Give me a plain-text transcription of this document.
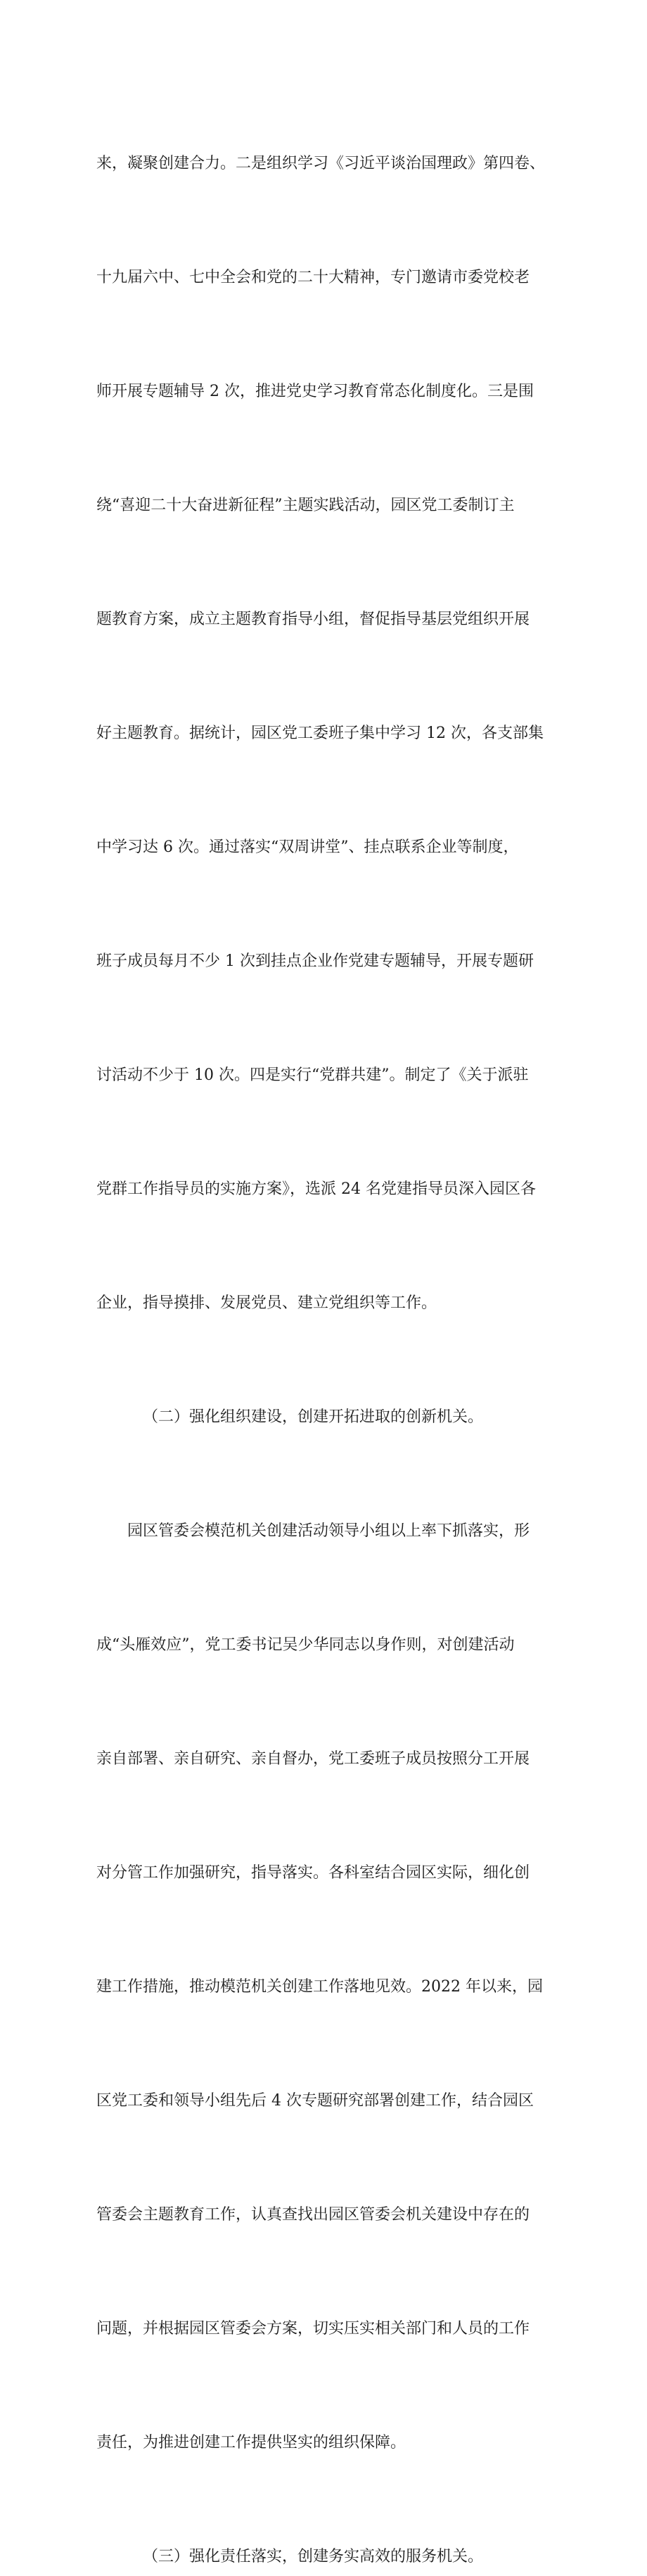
来，凝聚创建合力。二是组织学习《习近平谈治国理政》第四卷、

十九届六中、七中全会和党的二十大精神，专门邀请市委党校老

师开展专题辅导 2 次，推进党史学习教育常态化制度化。三是围

绕“喜迎二十大奋进新征程”主题实践活动，园区党工委制订主

题教育方案，成立主题教育指导小组，督促指导基层党组织开展

好主题教育。据统计，园区党工委班子集中学习 12 次，各支部集

中学习达 6 次。通过落实“双周讲堂”、挂点联系企业等制度，

班子成员每月不少 1 次到挂点企业作党建专题辅导，开展专题研

讨活动不少于 10 次。四是实行“党群共建”。制定了《关于派驻

党群工作指导员的实施方案》，选派 24 名党建指导员深入园区各

企业，指导摸排、发展党员、建立党组织等工作。

（二）强化组织建设，创建开拓进取的创新机关。

园区管委会模范机关创建活动领导小组以上率下抓落实，形

成“头雁效应”，党工委书记吴少华同志以身作则，对创建活动

亲自部署、亲自研究、亲自督办，党工委班子成员按照分工开展

对分管工作加强研究，指导落实。各科室结合园区实际，细化创

建工作措施，推动模范机关创建工作落地见效。2022 年以来，园

区党工委和领导小组先后 4 次专题研究部署创建工作，结合园区

管委会主题教育工作，认真查找出园区管委会机关建设中存在的

问题，并根据园区管委会方案，切实压实相关部门和人员的工作

责任，为推进创建工作提供坚实的组织保障。

（三）强化责任落实，创建务实高效的服务机关。
